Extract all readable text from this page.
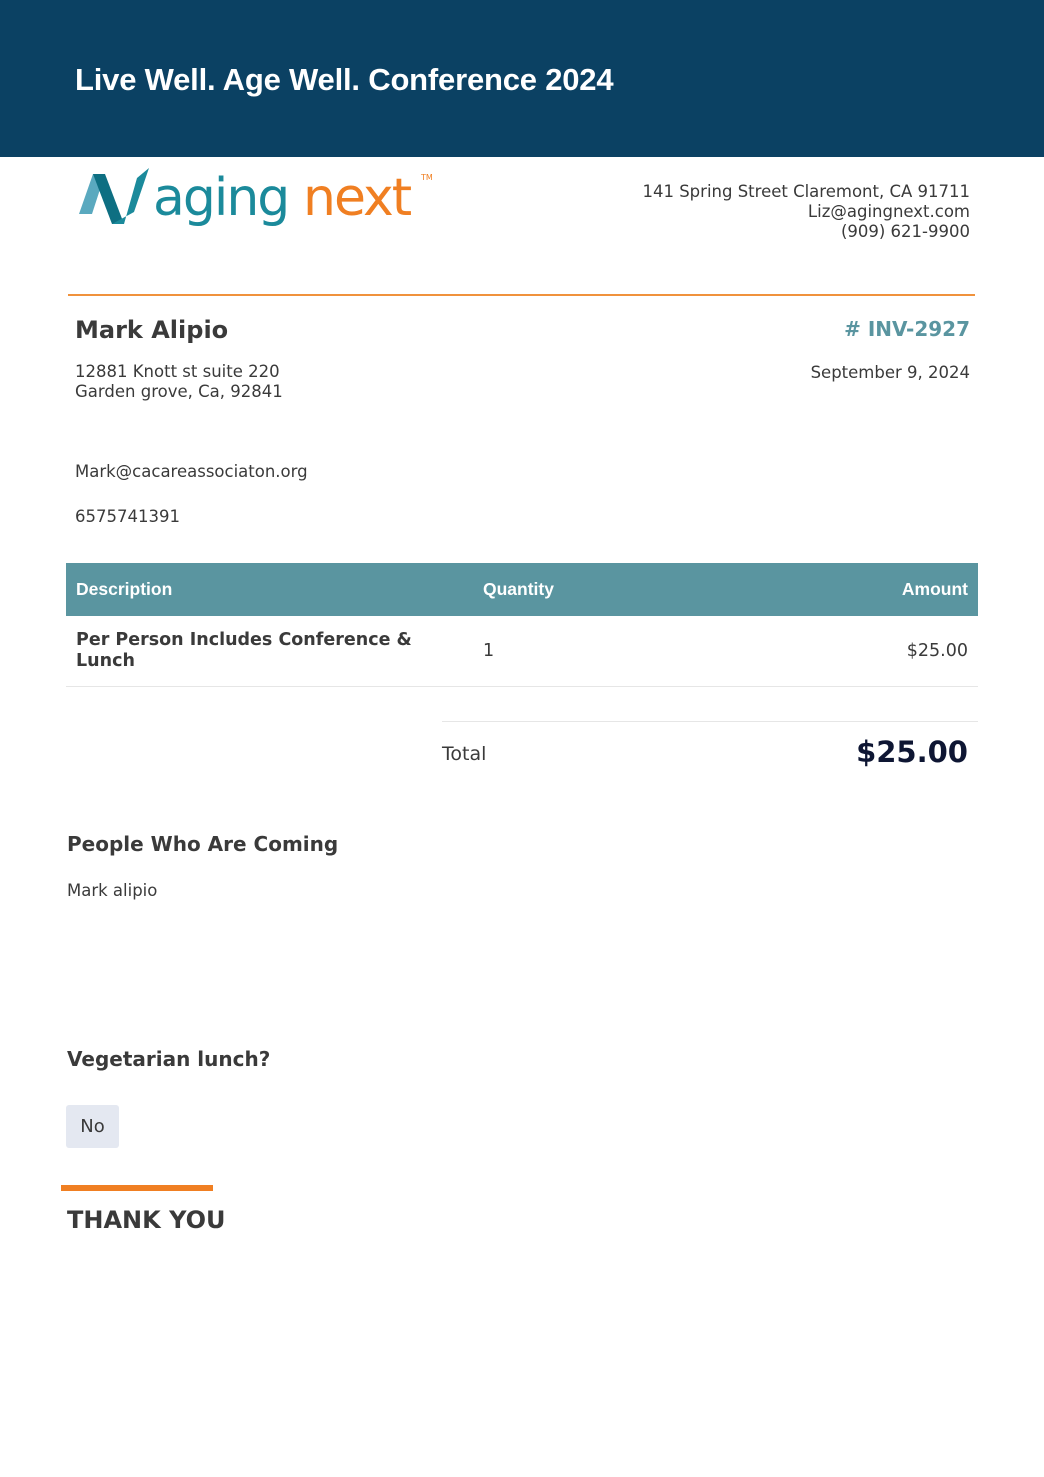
Live Well. Age Well. Conference 2024
aging next TM
141 Spring Street Claremont, CA 91711
Liz@agingnext.com
(909) 621-9900
Mark Alipio
12881 Knott st suite 220
Garden grove, Ca, 92841
Mark@cacareassociaton.org
6575741391
# INV-2927
September 9, 2024
Description	Quantity	Amount
Per Person Includes Conference & Lunch	1	$25.00
Total	$25.00
People Who Are Coming
Mark alipio
Vegetarian lunch?
No
THANK YOU
